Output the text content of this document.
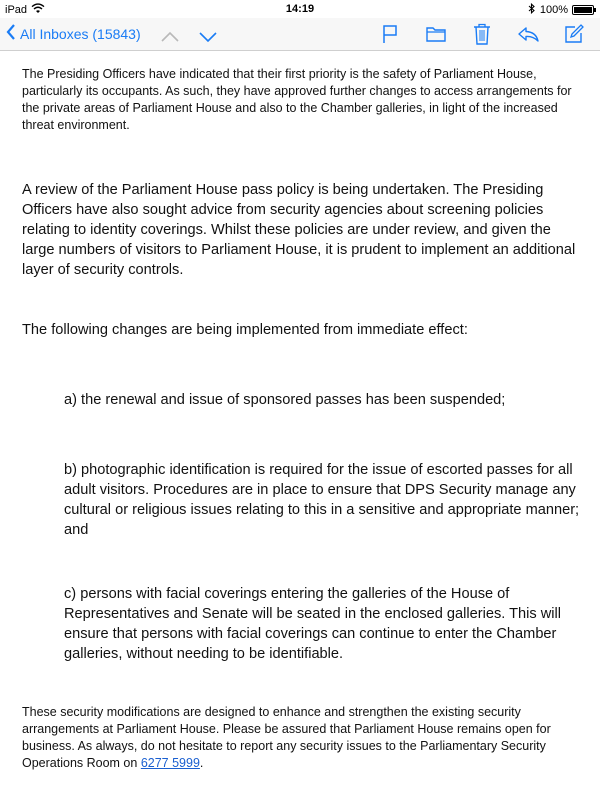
iPad	14:19	100%
All Inboxes (15843)

The Presiding Officers have indicated that their first priority is the safety of Parliament House, particularly its occupants. As such, they have approved further changes to access arrangements for the private areas of Parliament House and also to the Chamber galleries, in light of the increased threat environment.

A review of the Parliament House pass policy is being undertaken. The Presiding Officers have also sought advice from security agencies about screening policies relating to identity coverings. Whilst these policies are under review, and given the large numbers of visitors to Parliament House, it is prudent to implement an additional layer of security controls.

The following changes are being implemented from immediate effect:

a) the renewal and issue of sponsored passes has been suspended;

b) photographic identification is required for the issue of escorted passes for all adult visitors. Procedures are in place to ensure that DPS Security manage any cultural or religious issues relating to this in a sensitive and appropriate manner; and

c) persons with facial coverings entering the galleries of the House of Representatives and Senate will be seated in the enclosed galleries. This will ensure that persons with facial coverings can continue to enter the Chamber galleries, without needing to be identifiable.

These security modifications are designed to enhance and strengthen the existing security arrangements at Parliament House. Please be assured that Parliament House remains open for business. As always, do not hesitate to report any security issues to the Parliamentary Security Operations Room on 6277 5999.
